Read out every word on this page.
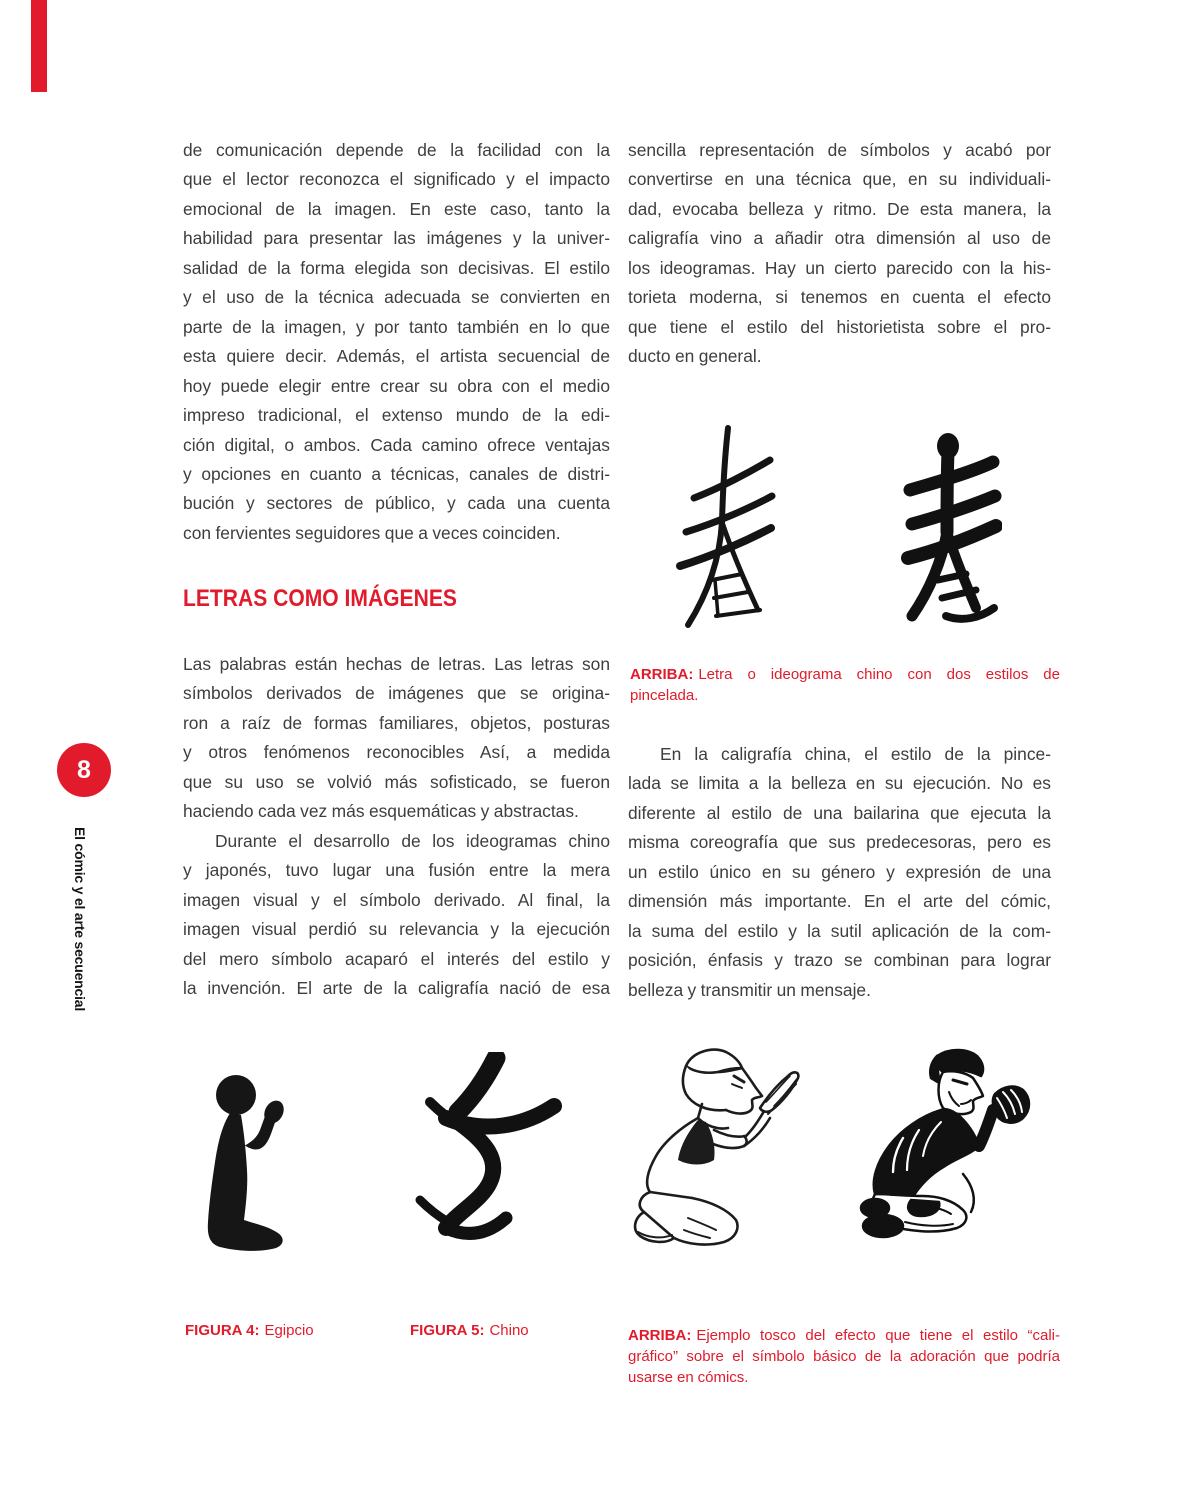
8
El cómic y el arte secuencial
de comunicación depende de la facilidad con la
que el lector reconozca el significado y el impacto
emocional de la imagen. En este caso, tanto la
habilidad para presentar las imágenes y la univer-
salidad de la forma elegida son decisivas. El estilo
y el uso de la técnica adecuada se convierten en
parte de la imagen, y por tanto también en lo que
esta quiere decir. Además, el artista secuencial de
hoy puede elegir entre crear su obra con el medio
impreso tradicional, el extenso mundo de la edi-
ción digital, o ambos. Cada camino ofrece ventajas
y opciones en cuanto a técnicas, canales de distri-
bución y sectores de público, y cada una cuenta
con fervientes seguidores que a veces coinciden.
LETRAS COMO IMÁGENES
Las palabras están hechas de letras. Las letras son
símbolos derivados de imágenes que se origina-
ron a raíz de formas familiares, objetos, posturas
y otros fenómenos reconocibles Así, a medida
que su uso se volvió más sofisticado, se fueron
haciendo cada vez más esquemáticas y abstractas.
Durante el desarrollo de los ideogramas chino
y japonés, tuvo lugar una fusión entre la mera
imagen visual y el símbolo derivado. Al final, la
imagen visual perdió su relevancia y la ejecución
del mero símbolo acaparó el interés del estilo y
la invención. El arte de la caligrafía nació de esa
sencilla representación de símbolos y acabó por
convertirse en una técnica que, en su individuali-
dad, evocaba belleza y ritmo. De esta manera, la
caligrafía vino a añadir otra dimensión al uso de
los ideogramas. Hay un cierto parecido con la his-
torieta moderna, si tenemos en cuenta el efecto
que tiene el estilo del historietista sobre el pro-
ducto en general.
ARRIBA: Letra o ideograma chino con dos estilos de
pincelada.
En la caligrafía china, el estilo de la pince-
lada se limita a la belleza en su ejecución. No es
diferente al estilo de una bailarina que ejecuta la
misma coreografía que sus predecesoras, pero es
un estilo único en su género y expresión de una
dimensión más importante. En el arte del cómic,
la suma del estilo y la sutil aplicación de la com-
posición, énfasis y trazo se combinan para lograr
belleza y transmitir un mensaje.
FIGURA 4: Egipcio	FIGURA 5: Chino	ARRIBA: Ejemplo tosco del efecto que tiene el estilo “cali-
gráfico” sobre el símbolo básico de la adoración que podría
usarse en cómics.
